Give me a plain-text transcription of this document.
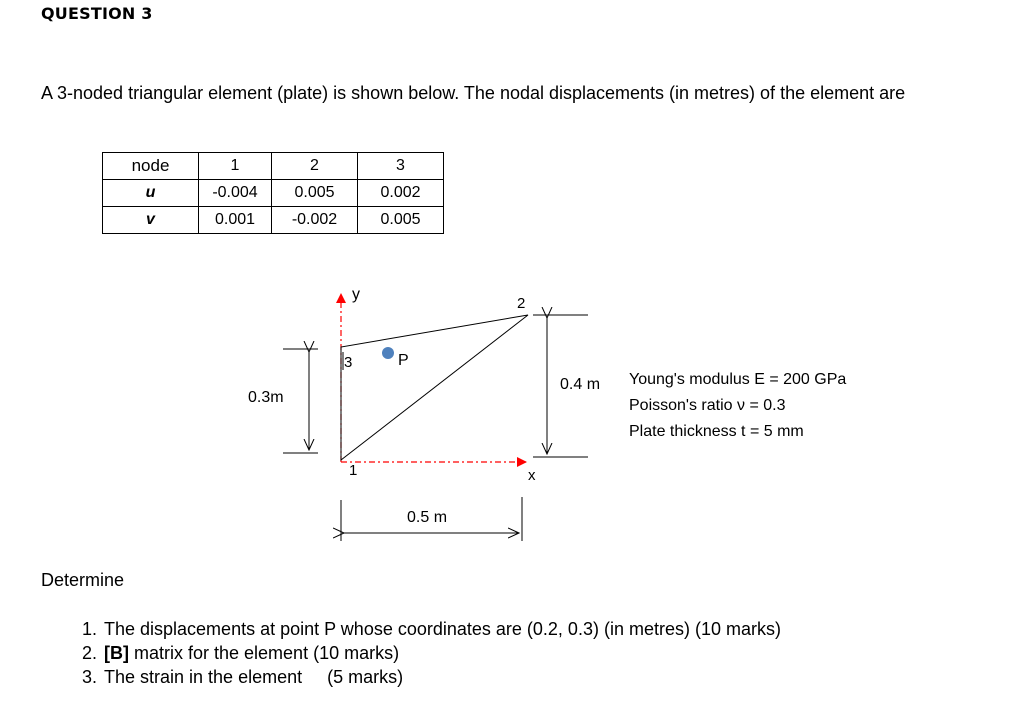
QUESTION 3
A 3-noded triangular element (plate) is shown below. The nodal displacements (in metres) of the element are
node	1	2	3
u	-0.004	0.005	0.002
v	0.001	-0.002	0.005
y
x
1
2
3	P
0.3m
0.4 m
0.5 m
Young's modulus E = 200 GPa
Poisson's ratio ν = 0.3
Plate thickness t = 5 mm
Determine
1. The displacements at point P whose coordinates are (0.2, 0.3) (in metres) (10 marks)
2. [B] matrix for the element (10 marks)
3. The strain in the element     (5 marks)
